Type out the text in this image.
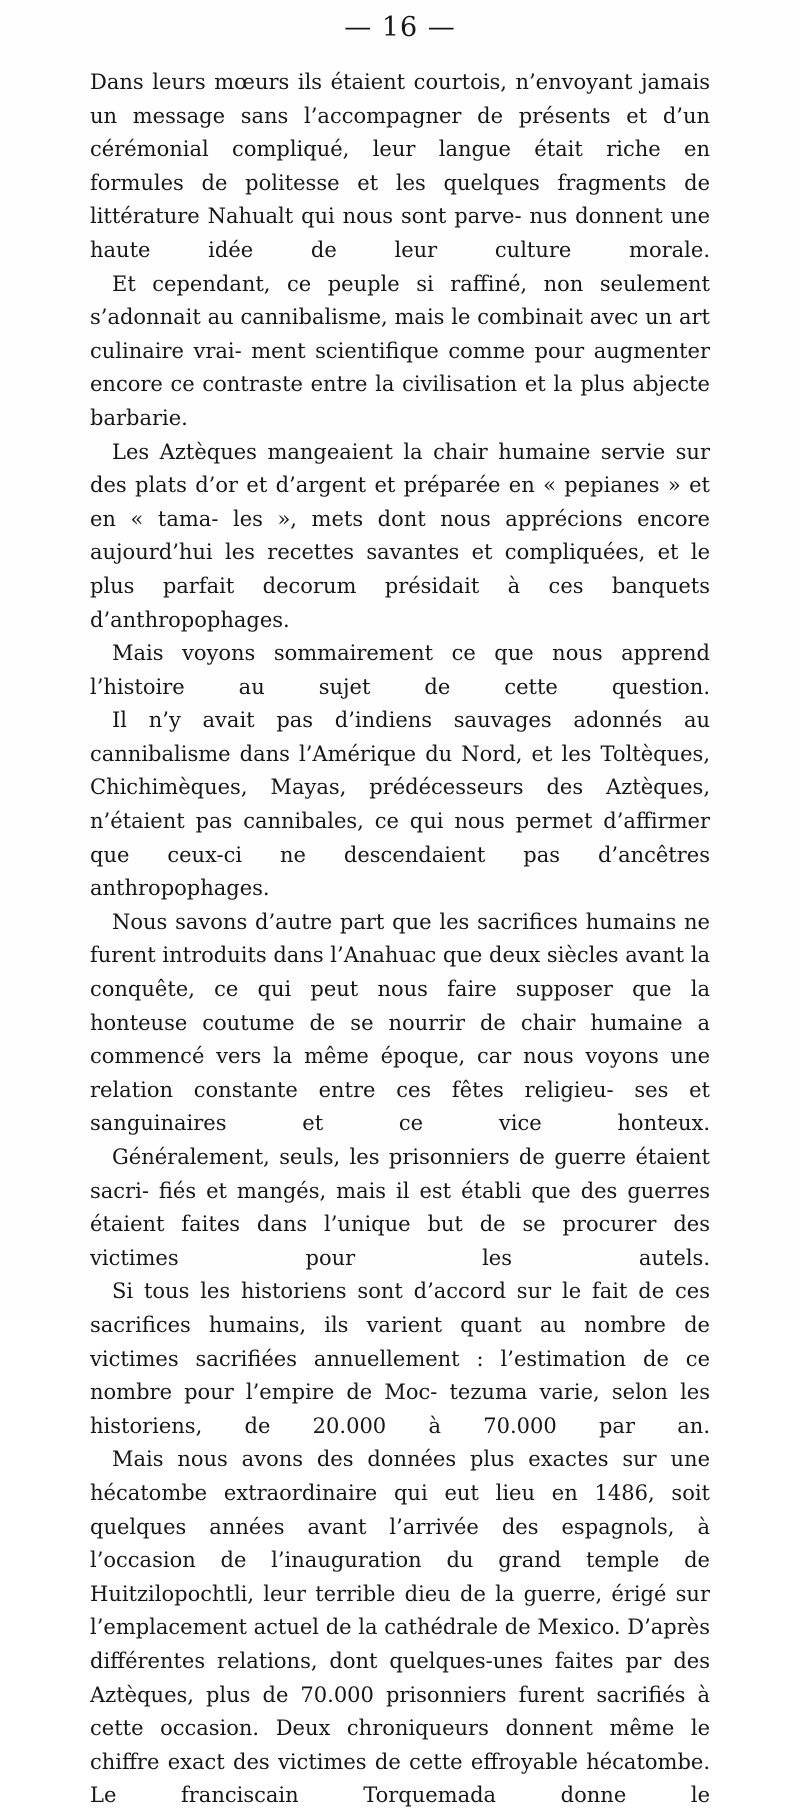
— 16 —

Dans leurs mœurs ils étaient courtois, n’envoyant jamais un message sans l’accompagner de présents et d’un cérémonial compliqué, leur langue était riche en formules de politesse et les quelques fragments de littérature Nahualt qui nous sont parve- nus donnent une haute idée de leur culture morale.

Et cependant, ce peuple si raffiné, non seulement s’adonnait au cannibalisme, mais le combinait avec un art culinaire vrai- ment scientifique comme pour augmenter encore ce contraste entre la civilisation et la plus abjecte barbarie.

Les Aztèques mangeaient la chair humaine servie sur des plats d’or et d’argent et préparée en « pepianes » et en « tama- les », mets dont nous apprécions encore aujourd’hui les recettes savantes et compliquées, et le plus parfait decorum présidait à ces banquets d’anthropophages.

Mais voyons sommairement ce que nous apprend l’histoire au sujet de cette question.

Il n’y avait pas d’indiens sauvages adonnés au cannibalisme dans l’Amérique du Nord, et les Toltèques, Chichimèques, Mayas, prédécesseurs des Aztèques, n’étaient pas cannibales, ce qui nous permet d’affirmer que ceux-ci ne descendaient pas d’ancêtres anthropophages.

Nous savons d’autre part que les sacrifices humains ne furent introduits dans l’Anahuac que deux siècles avant la conquête, ce qui peut nous faire supposer que la honteuse coutume de se nourrir de chair humaine a commencé vers la même époque, car nous voyons une relation constante entre ces fêtes religieu- ses et sanguinaires et ce vice honteux.

Généralement, seuls, les prisonniers de guerre étaient sacri- fiés et mangés, mais il est établi que des guerres étaient faites dans l’unique but de se procurer des victimes pour les autels.

Si tous les historiens sont d’accord sur le fait de ces sacrifices humains, ils varient quant au nombre de victimes sacrifiées annuellement : l’estimation de ce nombre pour l’empire de Moc- tezuma varie, selon les historiens, de 20.000 à 70.000 par an.

Mais nous avons des données plus exactes sur une hécatombe extraordinaire qui eut lieu en 1486, soit quelques années avant l’arrivée des espagnols, à l’occasion de l’inauguration du grand temple de Huitzilopochtli, leur terrible dieu de la guerre, érigé sur l’emplacement actuel de la cathédrale de Mexico. D’après différentes relations, dont quelques-unes faites par des Aztèques, plus de 70.000 prisonniers furent sacrifiés à cette occasion. Deux chroniqueurs donnent même le chiffre exact des victimes de cette effroyable hécatombe. Le franciscain Torquemada donne le
